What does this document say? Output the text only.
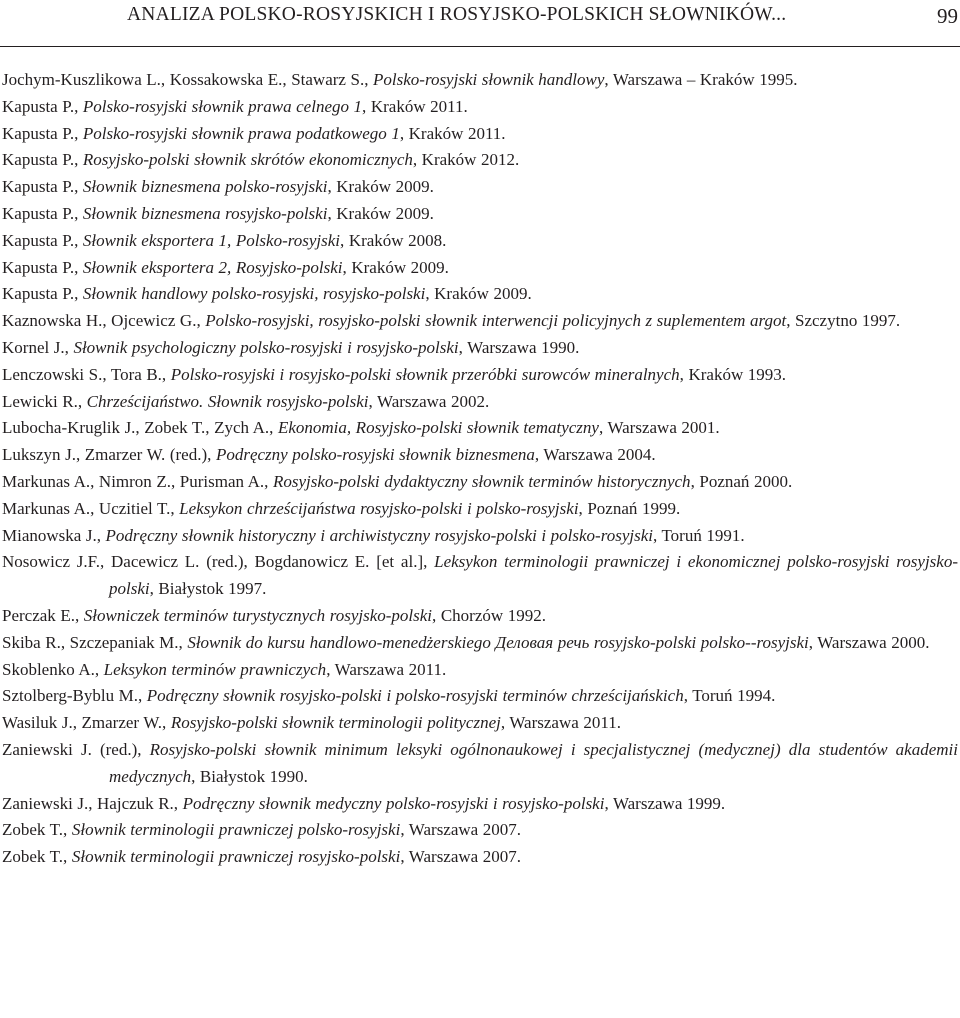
ANALIZA POLSKO-ROSYJSKICH I ROSYJSKO-POLSKICH SŁOWNIKÓW...	99
Jochym-Kuszlikowa L., Kossakowska E., Stawarz S., Polsko-rosyjski słownik handlowy, Warszawa – Kraków 1995.
Kapusta P., Polsko-rosyjski słownik prawa celnego 1, Kraków 2011.
Kapusta P., Polsko-rosyjski słownik prawa podatkowego 1, Kraków 2011.
Kapusta P., Rosyjsko-polski słownik skrótów ekonomicznych, Kraków 2012.
Kapusta P., Słownik biznesmena polsko-rosyjski, Kraków 2009.
Kapusta P., Słownik biznesmena rosyjsko-polski, Kraków 2009.
Kapusta P., Słownik eksportera 1, Polsko-rosyjski, Kraków 2008.
Kapusta P., Słownik eksportera 2, Rosyjsko-polski, Kraków 2009.
Kapusta P., Słownik handlowy polsko-rosyjski, rosyjsko-polski, Kraków 2009.
Kaznowska H., Ojcewicz G., Polsko-rosyjski, rosyjsko-polski słownik interwencji policyjnych z suplementem argot, Szczytno 1997.
Kornel J., Słownik psychologiczny polsko-rosyjski i rosyjsko-polski, Warszawa 1990.
Lenczowski S., Tora B., Polsko-rosyjski i rosyjsko-polski słownik przeróbki surowców mineralnych, Kraków 1993.
Lewicki R., Chrześcijaństwo. Słownik rosyjsko-polski, Warszawa 2002.
Lubocha-Kruglik J., Zobek T., Zych A., Ekonomia, Rosyjsko-polski słownik tematyczny, Warszawa 2001.
Lukszyn J., Zmarzer W. (red.), Podręczny polsko-rosyjski słownik biznesmena, Warszawa 2004.
Markunas A., Nimron Z., Purisman A., Rosyjsko-polski dydaktyczny słownik terminów historycznych, Poznań 2000.
Markunas A., Uczitiel T., Leksykon chrześcijaństwa rosyjsko-polski i polsko-rosyjski, Poznań 1999.
Mianowska J., Podręczny słownik historyczny i archiwistyczny rosyjsko-polski i polsko-rosyjski, Toruń 1991.
Nosowicz J.F., Dacewicz L. (red.), Bogdanowicz E. [et al.], Leksykon terminologii prawniczej i ekonomicznej polsko-rosyjski rosyjsko-polski, Białystok 1997.
Perczak E., Słowniczek terminów turystycznych rosyjsko-polski, Chorzów 1992.
Skiba R., Szczepaniak M., Słownik do kursu handlowo-menedżerskiego Деловая речь rosyjsko-polski polsko--rosyjski, Warszawa 2000.
Skoblenko A., Leksykon terminów prawniczych, Warszawa 2011.
Sztolberg-Byblu M., Podręczny słownik rosyjsko-polski i polsko-rosyjski terminów chrześcijańskich, Toruń 1994.
Wasiluk J., Zmarzer W., Rosyjsko-polski słownik terminologii politycznej, Warszawa 2011.
Zaniewski J. (red.), Rosyjsko-polski słownik minimum leksyki ogólnonaukowej i specjalistycznej (medycznej) dla studentów akademii medycznych, Białystok 1990.
Zaniewski J., Hajczuk R., Podręczny słownik medyczny polsko-rosyjski i rosyjsko-polski, Warszawa 1999.
Zobek T., Słownik terminologii prawniczej polsko-rosyjski, Warszawa 2007.
Zobek T., Słownik terminologii prawniczej rosyjsko-polski, Warszawa 2007.
